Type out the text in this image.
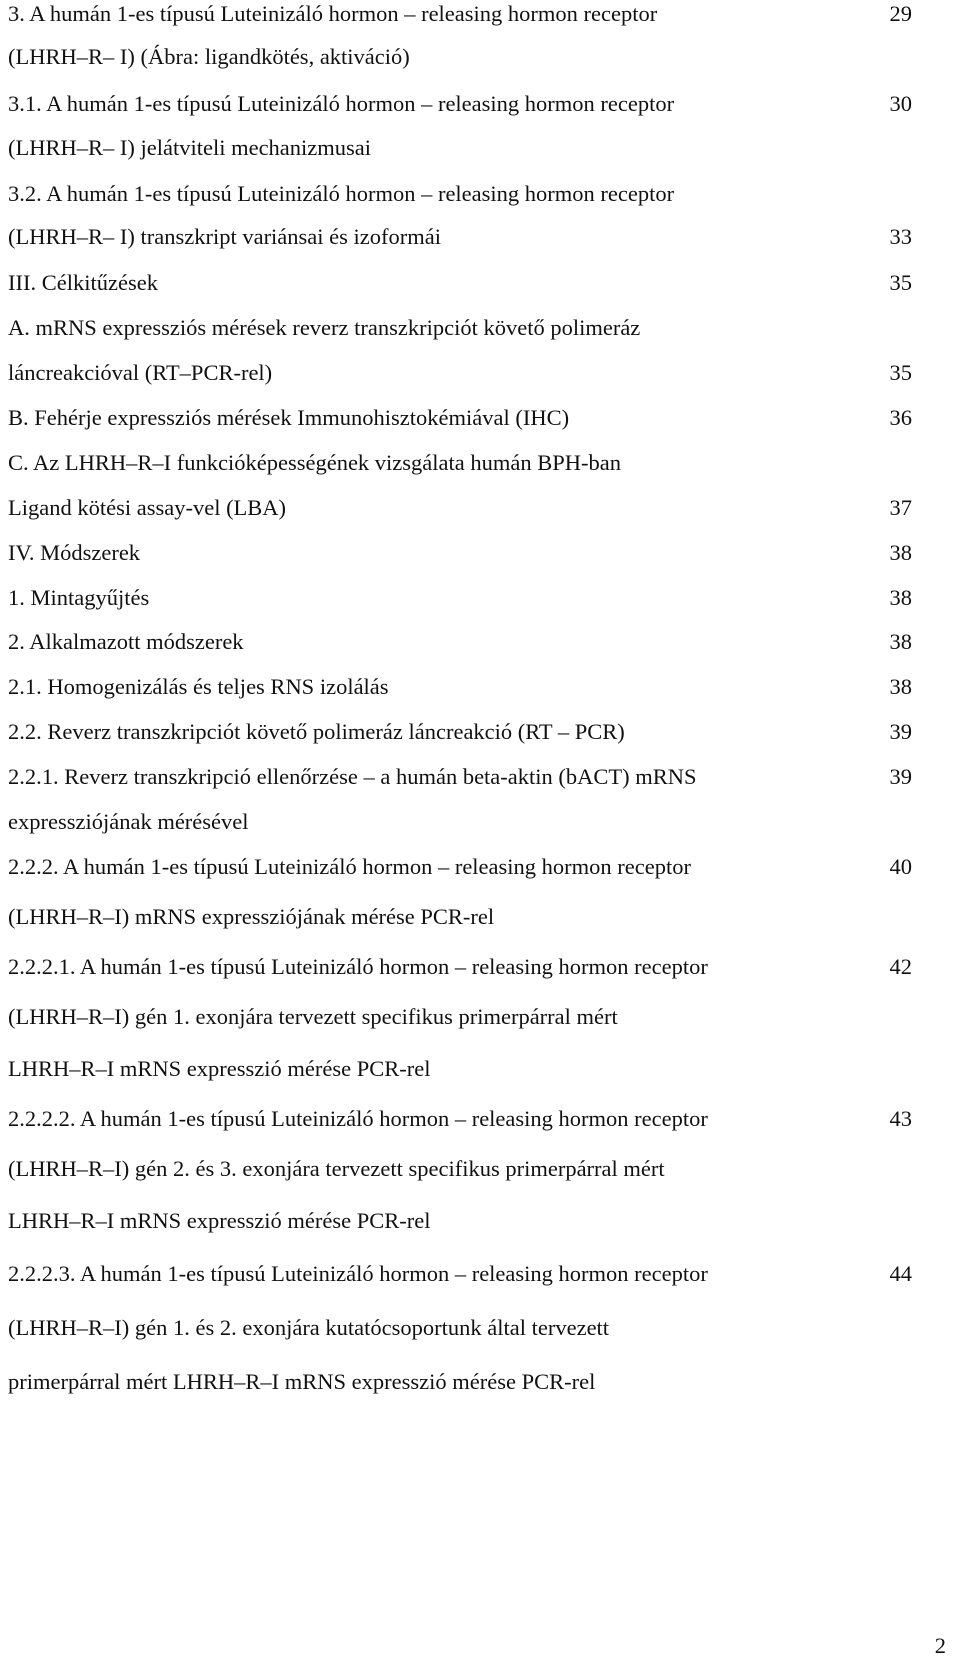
3. A humán 1-es típusú Luteinizáló hormon – releasing hormon receptor	29
(LHRH–R– I) (Ábra: ligandkötés, aktiváció)
3.1. A humán 1-es típusú Luteinizáló hormon – releasing hormon receptor	30
(LHRH–R– I) jelátviteli mechanizmusai
3.2. A humán 1-es típusú Luteinizáló hormon – releasing hormon receptor
(LHRH–R– I) transzkript variánsai és izoformái	33
III. Célkitűzések	35
A. mRNS expressziós mérések reverz transzkripciót követő polimeráz
láncreakcióval (RT–PCR-rel)	35
B. Fehérje expressziós mérések Immunohisztokémiával (IHC)	36
C. Az LHRH–R–I funkcióképességének vizsgálata humán BPH-ban
Ligand kötési assay-vel (LBA)	37
IV. Módszerek	38
1. Mintagyűjtés	38
2. Alkalmazott módszerek	38
2.1. Homogenizálás és teljes RNS izolálás	38
2.2. Reverz transzkripciót követő polimeráz láncreakció (RT – PCR)	39
2.2.1. Reverz transzkripció ellenőrzése – a humán beta-aktin (bACT) mRNS	39
expressziójának mérésével
2.2.2. A humán 1-es típusú Luteinizáló hormon – releasing hormon receptor	40
(LHRH–R–I) mRNS expressziójának mérése PCR-rel
2.2.2.1. A humán 1-es típusú Luteinizáló hormon – releasing hormon receptor	42
(LHRH–R–I) gén 1. exonjára tervezett specifikus primerpárral mért
LHRH–R–I mRNS expresszió mérése PCR-rel
2.2.2.2. A humán 1-es típusú Luteinizáló hormon – releasing hormon receptor	43
(LHRH–R–I) gén 2. és 3. exonjára tervezett specifikus primerpárral mért
LHRH–R–I mRNS expresszió mérése PCR-rel
2.2.2.3. A humán 1-es típusú Luteinizáló hormon – releasing hormon receptor	44
(LHRH–R–I) gén 1. és 2. exonjára kutatócsoportunk által tervezett
primerpárral mért LHRH–R–I mRNS expresszió mérése PCR-rel
2
